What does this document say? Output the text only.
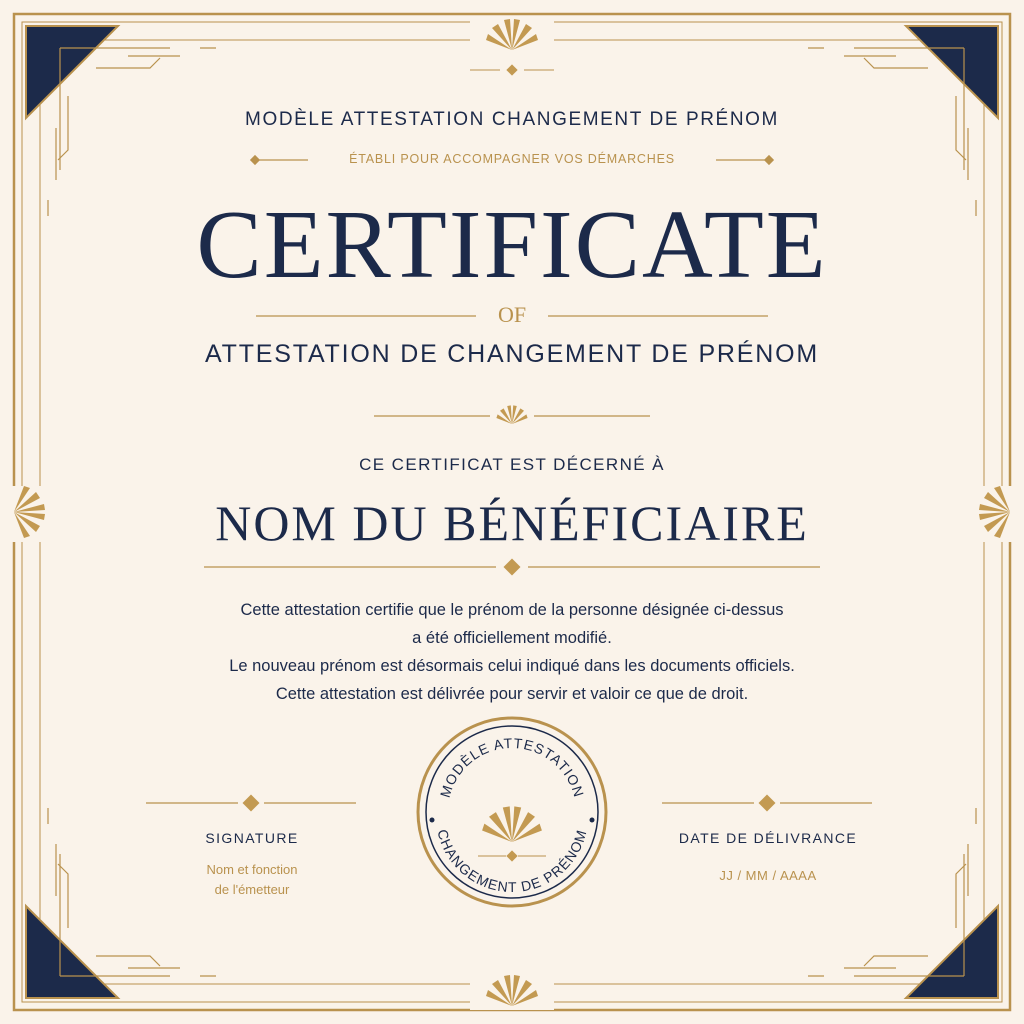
MODÈLE ATTESTATION
CHANGEMENT DE PRÉNOM

MODÈLE ATTESTATION CHANGEMENT DE PRÉNOM

ÉTABLI POUR ACCOMPAGNER VOS DÉMARCHES

CERTIFICATE

OF

ATTESTATION DE CHANGEMENT DE PRÉNOM

CE CERTIFICAT EST DÉCERNÉ À

NOM DU BÉNÉFICIAIRE

Cette attestation certifie que le prénom de la personne désignée ci-dessus
a été officiellement modifié.
Le nouveau prénom est désormais celui indiqué dans les documents officiels.
Cette attestation est délivrée pour servir et valoir ce que de droit.
SIGNATURE
Nom et fonction
de l'émetteur
DATE DE DÉLIVRANCE
JJ / MM / AAAA
